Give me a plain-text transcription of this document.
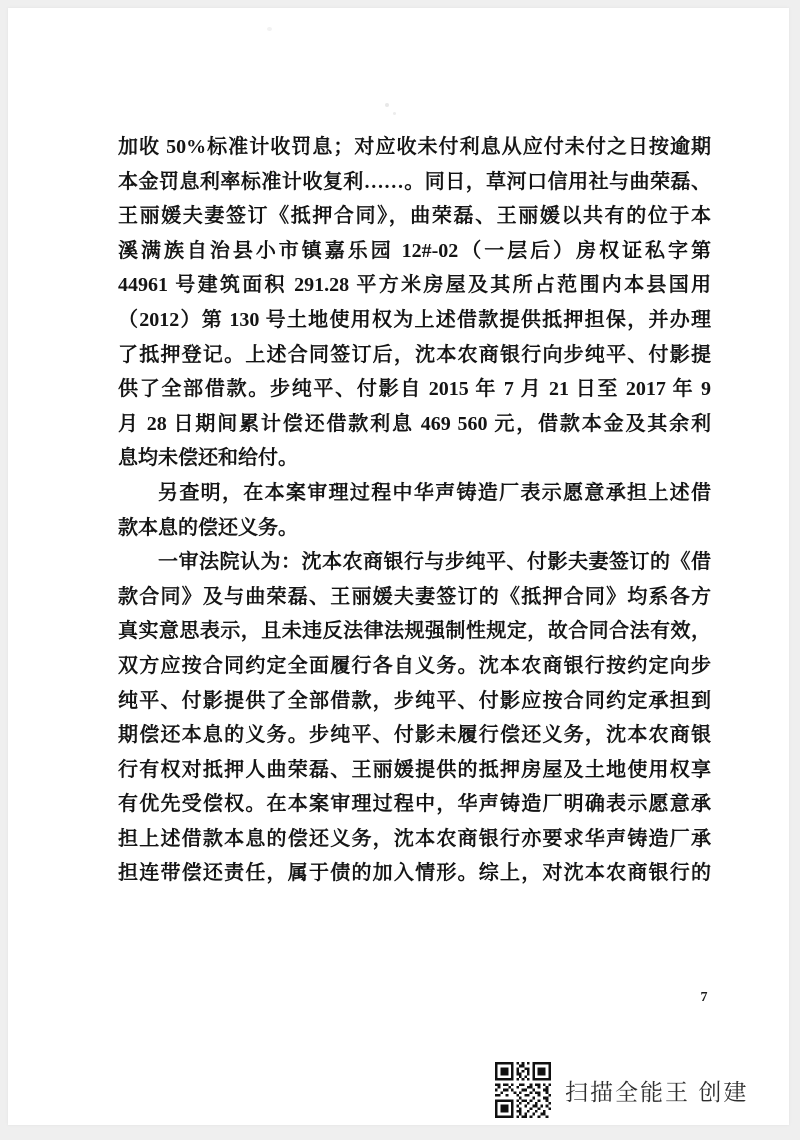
加收 50%标准计收罚息；对应收未付利息从应付未付之日按逾期
本金罚息利率标准计收复利……。同日，草河口信用社与曲荣磊、
王丽媛夫妻签订《抵押合同》，曲荣磊、王丽媛以共有的位于本
溪满族自治县小市镇嘉乐园 12#-02（一层后）房权证私字第
44961 号建筑面积 291.28 平方米房屋及其所占范围内本县国用
（2012）第 130 号土地使用权为上述借款提供抵押担保，并办理
了抵押登记。上述合同签订后，沈本农商银行向步纯平、付影提
供了全部借款。步纯平、付影自 2015 年 7 月 21 日至 2017 年 9
月 28 日期间累计偿还借款利息 469 560 元，借款本金及其余利
息均未偿还和给付。
另查明，在本案审理过程中华声铸造厂表示愿意承担上述借
款本息的偿还义务。
一审法院认为：沈本农商银行与步纯平、付影夫妻签订的《借
款合同》及与曲荣磊、王丽媛夫妻签订的《抵押合同》均系各方
真实意思表示，且未违反法律法规强制性规定，故合同合法有效，
双方应按合同约定全面履行各自义务。沈本农商银行按约定向步
纯平、付影提供了全部借款，步纯平、付影应按合同约定承担到
期偿还本息的义务。步纯平、付影未履行偿还义务，沈本农商银
行有权对抵押人曲荣磊、王丽媛提供的抵押房屋及土地使用权享
有优先受偿权。在本案审理过程中，华声铸造厂明确表示愿意承
担上述借款本息的偿还义务，沈本农商银行亦要求华声铸造厂承
担连带偿还责任，属于债的加入情形。综上，对沈本农商银行的
7
扫描全能王 创建
